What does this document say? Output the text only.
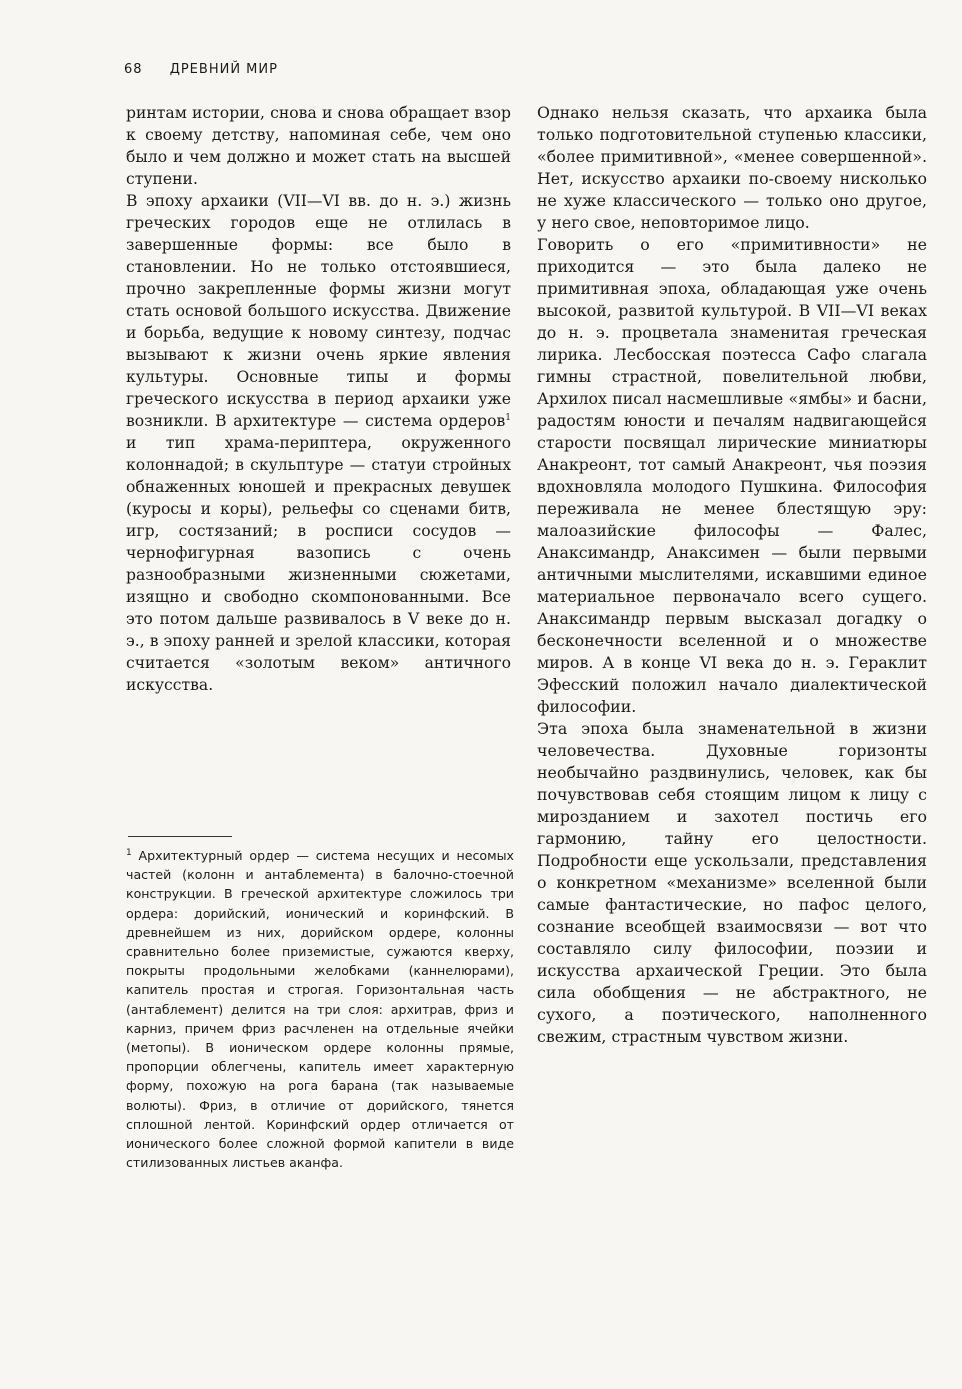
68 ДРЕВНИЙ МИР

ринтам истории, снова и снова обращает взор к своему детству, напоминая себе, чем оно было и чем должно и может стать на высшей ступени.

В эпоху архаики (VII—VI вв. до н. э.) жизнь греческих городов еще не отлилась в завершенные формы: все было в становлении. Но не только отстоявшиеся, прочно закрепленные формы жизни могут стать основой большого искусства. Движение и борьба, ведущие к новому синтезу, подчас вызывают к жизни очень яркие явления культуры. Основные типы и формы греческого искусства в период архаики уже возникли. В архитектуре — система ордеров$^1$ и тип храма-периптера, окруженного колоннадой; в скульптуре — статуи стройных обнаженных юношей и прекрасных девушек (куросы и коры), рельефы со сценами битв, игр, состязаний; в росписи сосудов — чернофигурная вазопись с очень разнообразными жизненными сюжетами, изящно и свободно скомпонованными. Все это потом дальше развивалось в V веке до н. э., в эпоху ранней и зрелой классики, которая считается «золотым веком» античного искусства.

$^1$ Архитектурный ордер — система несущих и несомых частей (колонн и антаблемента) в балочно-стоечной конструкции. В греческой архитектуре сложилось три ордера: дорийский, ионический и коринфский. В древнейшем из них, дорийском ордере, колонны сравнительно более приземистые, сужаются кверху, покрыты продольными желобками (каннелюрами), капитель простая и строгая. Горизонтальная часть (антаблемент) делится на три слоя: архитрав, фриз и карниз, причем фриз расчленен на отдельные ячейки (метопы). В ионическом ордере колонны прямые, пропорции облегчены, капитель имеет характерную форму, похожую на рога барана (так называемые волюты). Фриз, в отличие от дорийского, тянется сплошной лентой. Коринфский ордер отличается от ионического более сложной формой капители в виде стилизованных листьев аканфа.

Однако нельзя сказать, что архаика была только подготовительной ступенью классики, «более примитивной», «менее совершенной». Нет, искусство архаики по-своему нисколько не хуже классического — только оно другое, у него свое, неповторимое лицо.

Говорить о его «примитивности» не приходится — это была далеко не примитивная эпоха, обладающая уже очень высокой, развитой культурой. В VII—VI веках до н. э. процветала знаменитая греческая лирика. Лесбосская поэтесса Сафо слагала гимны страстной, повелительной любви, Архилох писал насмешливые «ямбы» и басни, радостям юности и печалям надвигающейся старости посвящал лирические миниатюры Анакреонт, тот самый Анакреонт, чья поэзия вдохновляла молодого Пушкина. Философия переживала не менее блестящую эру: малоазийские философы — Фалес, Анаксимандр, Анаксимен — были первыми античными мыслителями, искавшими единое материальное первоначало всего сущего. Анаксимандр первым высказал догадку о бесконечности вселенной и о множестве миров. А в конце VI века до н. э. Гераклит Эфесский положил начало диалектической философии.

Эта эпоха была знаменательной в жизни человечества. Духовные горизонты необычайно раздвинулись, человек, как бы почувствовав себя стоящим лицом к лицу с мирозданием и захотел постичь его гармонию, тайну его целостности. Подробности еще ускользали, представления о конкретном «механизме» вселенной были самые фантастические, но пафос целого, сознание всеобщей взаимосвязи — вот что составляло силу философии, поэзии и искусства архаической Греции. Это была сила обобщения — не абстрактного, не сухого, а поэтического, наполненного свежим, страстным чувством жизни.
